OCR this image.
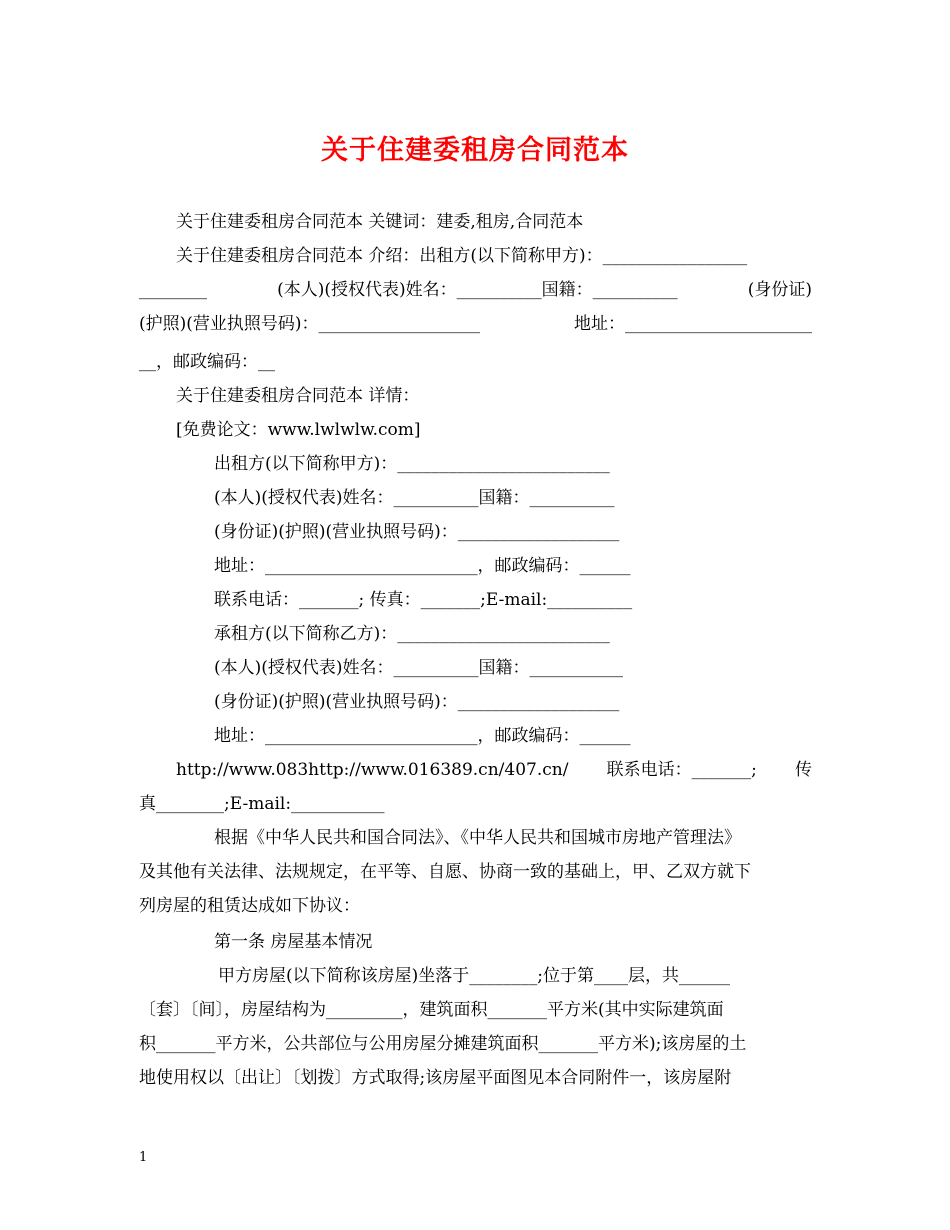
关于住建委租房合同范本
关于住建委租房合同范本 关键词：建委,租房,合同范本
关于住建委租房合同范本 介绍：出租方(以下简称甲方)：_________________
________	(本人)(授权代表)姓名：__________国籍：__________	(身份证)
(护照)(营业执照号码)：___________________	地址：______________________
__，邮政编码：__
关于住建委租房合同范本 详情：
[免费论文：www.lwlwlw.com]
出租方(以下简称甲方)：_________________________
(本人)(授权代表)姓名：__________国籍：__________
(身份证)(护照)(营业执照号码)：___________________
地址：_________________________，邮政编码：______
联系电话：_______; 传真：_______;E-mail:__________
承租方(以下简称乙方)：_________________________
(本人)(授权代表)姓名：__________国籍：___________
(身份证)(护照)(营业执照号码)：___________________
地址：_________________________，邮政编码：______
http://www.083http://www.016389.cn/407.cn/ 联系电话：_______; 传
真________;E-mail:___________
根据《中华人民共和国合同法》、《中华人民共和国城市房地产管理法》
及其他有关法律、法规规定，在平等、自愿、协商一致的基础上，甲、乙双方就下
列房屋的租赁达成如下协议：
第一条 房屋基本情况
甲方房屋(以下简称该房屋)坐落于________;位于第____层，共______
〔套〕〔间〕，房屋结构为_________，建筑面积_______平方米(其中实际建筑面
积_______平方米，公共部位与公用房屋分摊建筑面积_______平方米);该房屋的土
地使用权以〔出让〕〔划拨〕方式取得;该房屋平面图见本合同附件一，该房屋附
1
